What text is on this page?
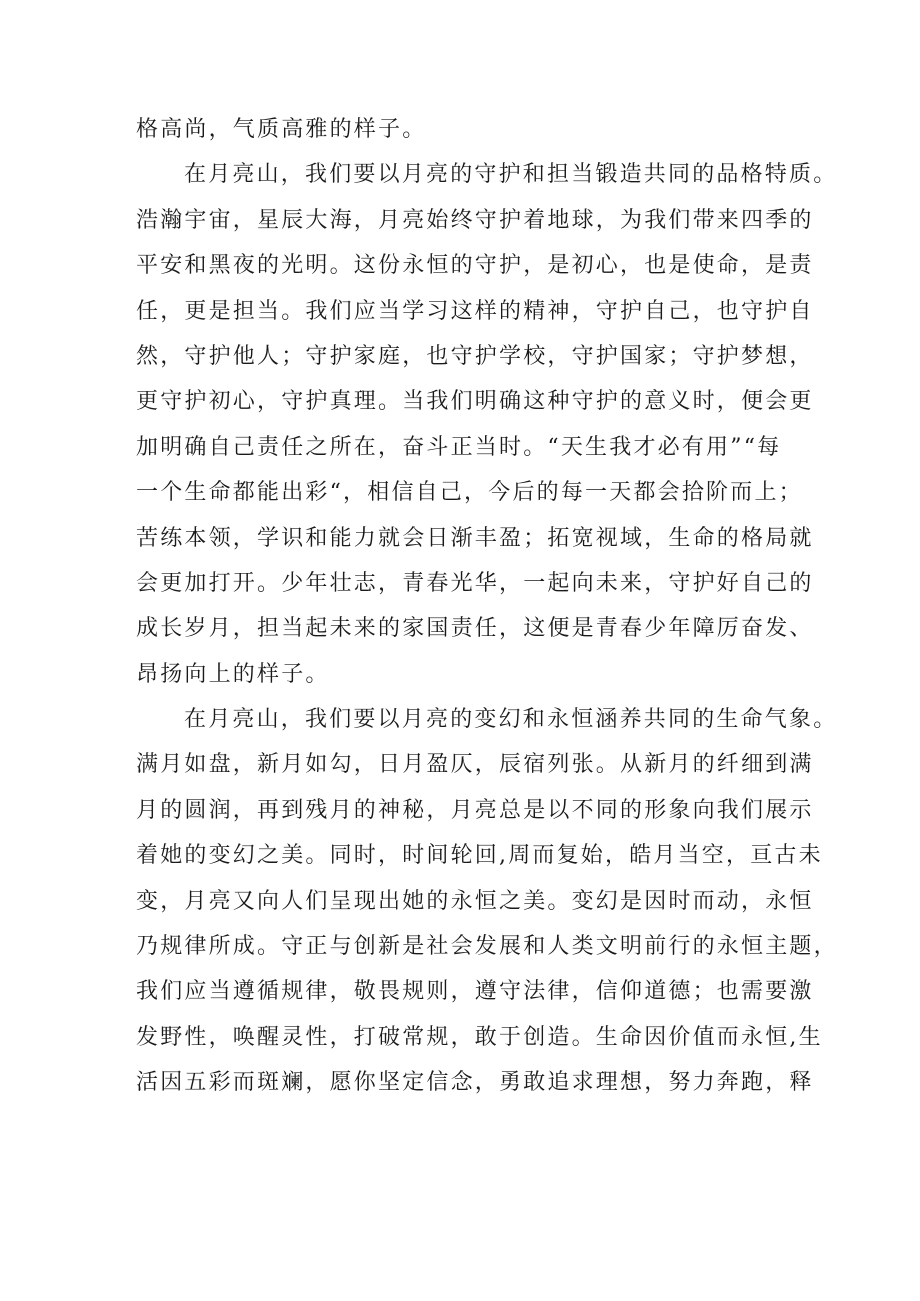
格高尚，气质高雅的样子。
在月亮山，我们要以月亮的守护和担当锻造共同的品格特质。
浩瀚宇宙，星辰大海，月亮始终守护着地球，为我们带来四季的
平安和黑夜的光明。这份永恒的守护，是初心，也是使命，是责
任，更是担当。我们应当学习这样的精神，守护自己，也守护自
然，守护他人；守护家庭，也守护学校，守护国家；守护梦想，
更守护初心，守护真理。当我们明确这种守护的意义时，便会更
加明确自己责任之所在，奋斗正当时。“天生我才必有用”“每
一个生命都能出彩“，相信自己，今后的每一天都会拾阶而上；
苦练本领，学识和能力就会日渐丰盈；拓宽视域，生命的格局就
会更加打开。少年壮志，青春光华，一起向未来，守护好自己的
成长岁月，担当起未来的家国责任，这便是青春少年障厉奋发、
昂扬向上的样子。
在月亮山，我们要以月亮的变幻和永恒涵养共同的生命气象。
满月如盘，新月如勾，日月盈仄，辰宿列张。从新月的纤细到满
月的圆润，再到残月的神秘，月亮总是以不同的形象向我们展示
着她的变幻之美。同时，时间轮回,周而复始，皓月当空，亘古未
变，月亮又向人们呈现出她的永恒之美。变幻是因时而动，永恒
乃规律所成。守正与创新是社会发展和人类文明前行的永恒主题，
我们应当遵循规律，敬畏规则，遵守法律，信仰道德；也需要激
发野性，唤醒灵性，打破常规，敢于创造。生命因价值而永恒,生
活因五彩而斑斓，愿你坚定信念，勇敢追求理想，努力奔跑，释
